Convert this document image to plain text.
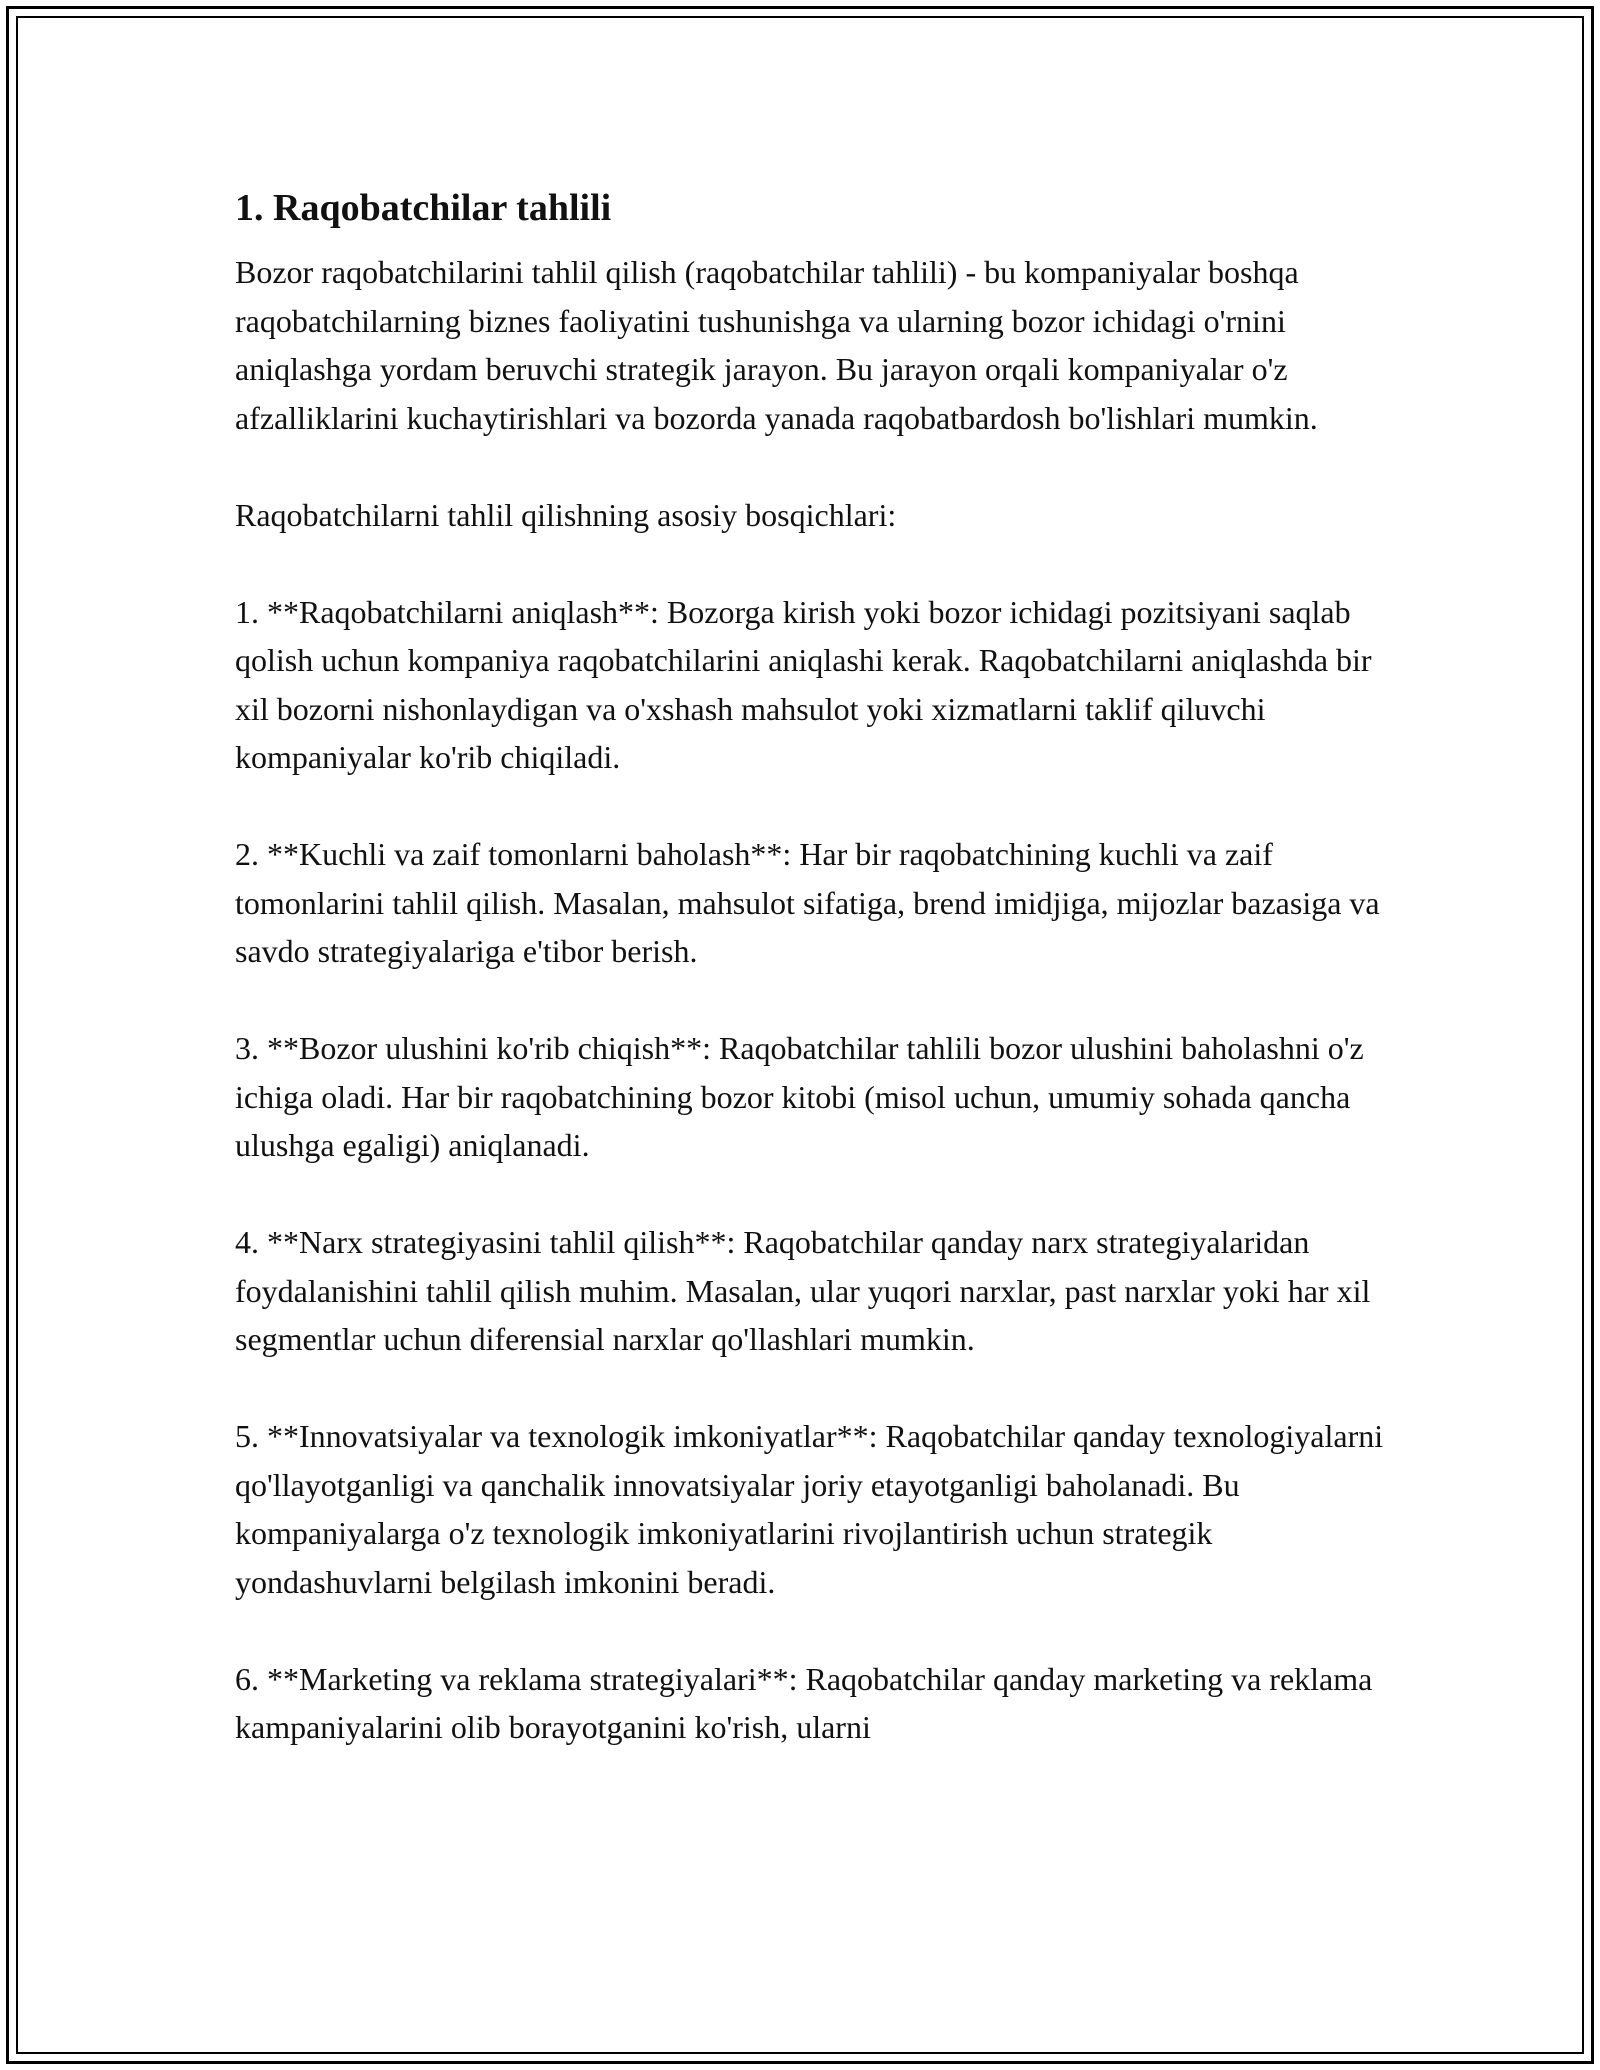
1. Raqobatchilar tahlili

Bozor raqobatchilarini tahlil qilish (raqobatchilar tahlili) - bu kompaniyalar boshqa raqobatchilarning biznes faoliyatini tushunishga va ularning bozor ichidagi o'rnini aniqlashga yordam beruvchi strategik jarayon. Bu jarayon orqali kompaniyalar o'z afzalliklarini kuchaytirishlari va bozorda yanada raqobatbardosh bo'lishlari mumkin.

Raqobatchilarni tahlil qilishning asosiy bosqichlari:

1. **Raqobatchilarni aniqlash**: Bozorga kirish yoki bozor ichidagi pozitsiyani saqlab qolish uchun kompaniya raqobatchilarini aniqlashi kerak. Raqobatchilarni aniqlashda bir xil bozorni nishonlaydigan va o'xshash mahsulot yoki xizmatlarni taklif qiluvchi kompaniyalar ko'rib chiqiladi.

2. **Kuchli va zaif tomonlarni baholash**: Har bir raqobatchining kuchli va zaif tomonlarini tahlil qilish. Masalan, mahsulot sifatiga, brend imidjiga, mijozlar bazasiga va savdo strategiyalariga e'tibor berish.

3. **Bozor ulushini ko'rib chiqish**: Raqobatchilar tahlili bozor ulushini baholashni o'z ichiga oladi. Har bir raqobatchining bozor kitobi (misol uchun, umumiy sohada qancha ulushga egaligi) aniqlanadi.

4. **Narx strategiyasini tahlil qilish**: Raqobatchilar qanday narx strategiyalaridan foydalanishini tahlil qilish muhim. Masalan, ular yuqori narxlar, past narxlar yoki har xil segmentlar uchun diferensial narxlar qo'llashlari mumkin.

5. **Innovatsiyalar va texnologik imkoniyatlar**: Raqobatchilar qanday texnologiyalarni qo'llayotganligi va qanchalik innovatsiyalar joriy etayotganligi baholanadi. Bu kompaniyalarga o'z texnologik imkoniyatlarini rivojlantirish uchun strategik yondashuvlarni belgilash imkonini beradi.

6. **Marketing va reklama strategiyalari**: Raqobatchilar qanday marketing va reklama kampaniyalarini olib borayotganini ko'rish, ularni
